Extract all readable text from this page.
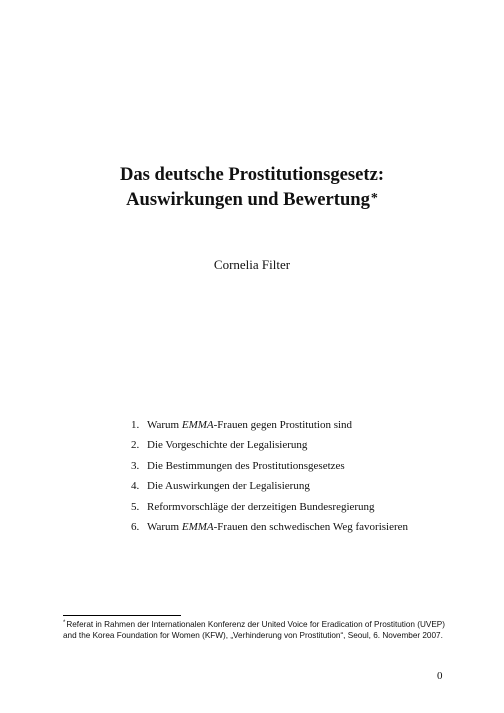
Das deutsche Prostitutionsgesetz:
Auswirkungen und Bewertung*
Cornelia Filter
1. Warum EMMA-Frauen gegen Prostitution sind
2. Die Vorgeschichte der Legalisierung
3. Die Bestimmungen des Prostitutionsgesetzes
4. Die Auswirkungen der Legalisierung
5. Reformvorschläge der derzeitigen Bundesregierung
6. Warum EMMA-Frauen den schwedischen Weg favorisieren
*Referat in Rahmen der Internationalen Konferenz der United Voice for Eradication of Prostitution (UVEP) and the Korea Foundation for Women (KFW), „Verhinderung von Prostitution“, Seoul, 6. November 2007.
0
